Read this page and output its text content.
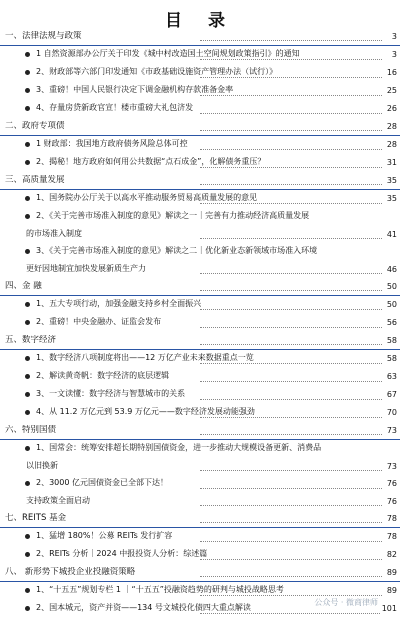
目 录
一、法律法规与政策	3
1 自然资源部办公厅关于印发《城中村改造国土空间规划政策指引》的通知	3
2、财政部等六部门印发通知《市政基础设施资产管理办法（试行）》	16
3、重磅！中国人民银行决定下调金融机构存款准备金率	25
4、存量房贷新政官宣！楼市重磅大礼包济发	26
二、政府专项债	28
1 财政部：我国地方政府债务风险总体可控	28
2、揭秘！地方政府如何用公共数据“点石成金”，化解债务重压？	31
三、高质量发展	35
1、国务院办公厅关于以高水平推动服务贸易高质量发展的意见	35
2、《关于完善市场准入制度的意见》解读之一｜完善有力推动经济高质量发展
的市场准入制度	41
3、《关于完善市场准入制度的意见》解读之二｜优化新业态新领域市场准入环境
更好因地制宜加快发展新质生产力	46
四、金 融	50
1、五大专项行动，加强金融支持乡村全面振兴	50
2、重磅！中央金融办、证监会发布	56
五、数字经济	58
1、数字经济八项制度将出——12 万亿产业未来数据重点一览	58
2、解读黄奇帆：数字经济的底层逻辑	63
3、一文读懂：数字经济与智慧城市的关系	67
4、从 11.2 万亿元到 53.9 万亿元——数字经济发展动能强劲	70
六、特别国债	73
1、国常会：统筹安排超长期特别国债资金，进一步推动大规模设备更新、消费品
以旧换新	73
2、3000 亿元国债资金已全部下达！	76
支持政策全面启动	76
七、REITS 基金	78
1、猛增 180%！公募 REITs 发行扩容	78
2、REITs 分析｜2024 中报投资人分析：综述篇	82
八、 新形势下城投企业投融资策略	89
1、“十五五”规划专栏 1 ｜“十五五”投融资趋势的研判与城投战略思考	89
2、国本城元，资产并资——134 号文城投化债四大重点解读	101
公众号 · 微商律师
